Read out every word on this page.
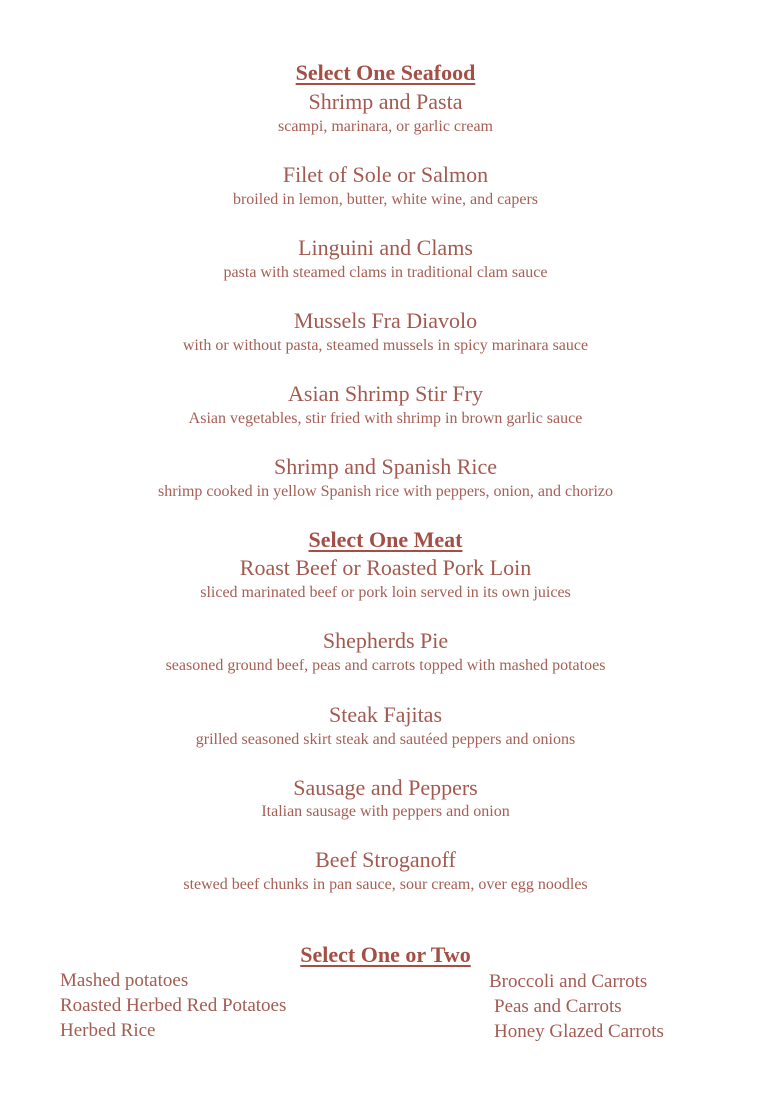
Select One Seafood
Shrimp and Pasta
scampi, marinara, or garlic cream
Filet of Sole or Salmon
broiled in lemon, butter, white wine, and capers
Linguini and Clams
pasta with steamed clams in traditional clam sauce
Mussels Fra Diavolo
with or without pasta, steamed mussels in spicy marinara sauce
Asian Shrimp Stir Fry
Asian vegetables, stir fried with shrimp in brown garlic sauce
Shrimp and Spanish Rice
shrimp cooked in yellow Spanish rice with peppers, onion, and chorizo
Select One Meat
Roast Beef or Roasted Pork Loin
sliced marinated beef or pork loin served in its own juices
Shepherds Pie
seasoned ground beef, peas and carrots topped with mashed potatoes
Steak Fajitas
grilled seasoned skirt steak and sautéed peppers and onions
Sausage and Peppers
Italian sausage with peppers and onion
Beef Stroganoff
stewed beef chunks in pan sauce, sour cream, over egg noodles
Select One or Two
Mashed potatoes
Roasted Herbed Red Potatoes
Herbed Rice
Broccoli and Carrots
Peas and Carrots
Honey Glazed Carrots
